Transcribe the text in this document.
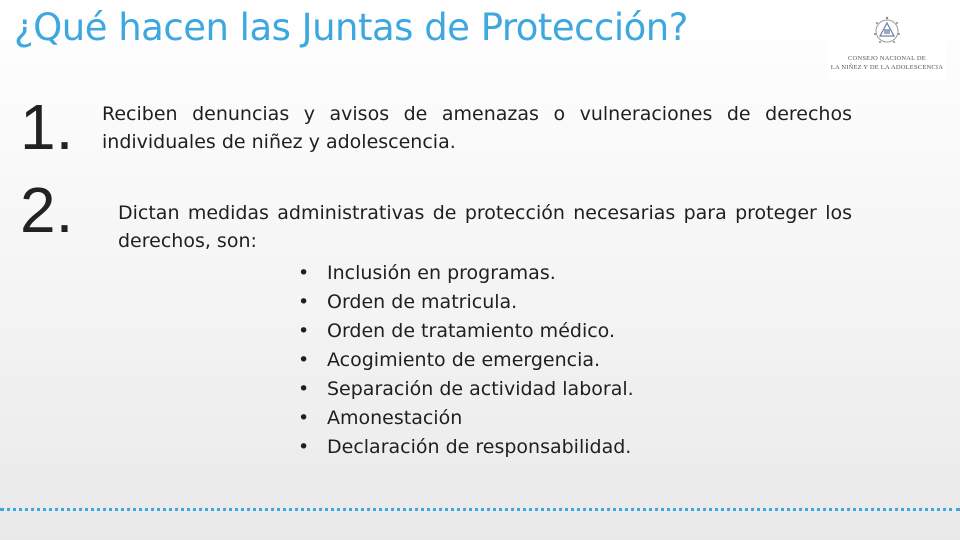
¿Qué hacen las Juntas de Protección?
CONSEJO NACIONAL DE
LA NIÑEZ Y DE LA ADOLESCENCIA
1.
2.
Reciben denuncias y avisos de amenazas o vulneraciones de derechos individuales de niñez y adolescencia.
Dictan medidas administrativas de protección necesarias para proteger los derechos, son:
• Inclusión en programas.
• Orden de matricula.
• Orden de tratamiento médico.
• Acogimiento de emergencia.
• Separación de actividad laboral.
• Amonestación
• Declaración de responsabilidad.
